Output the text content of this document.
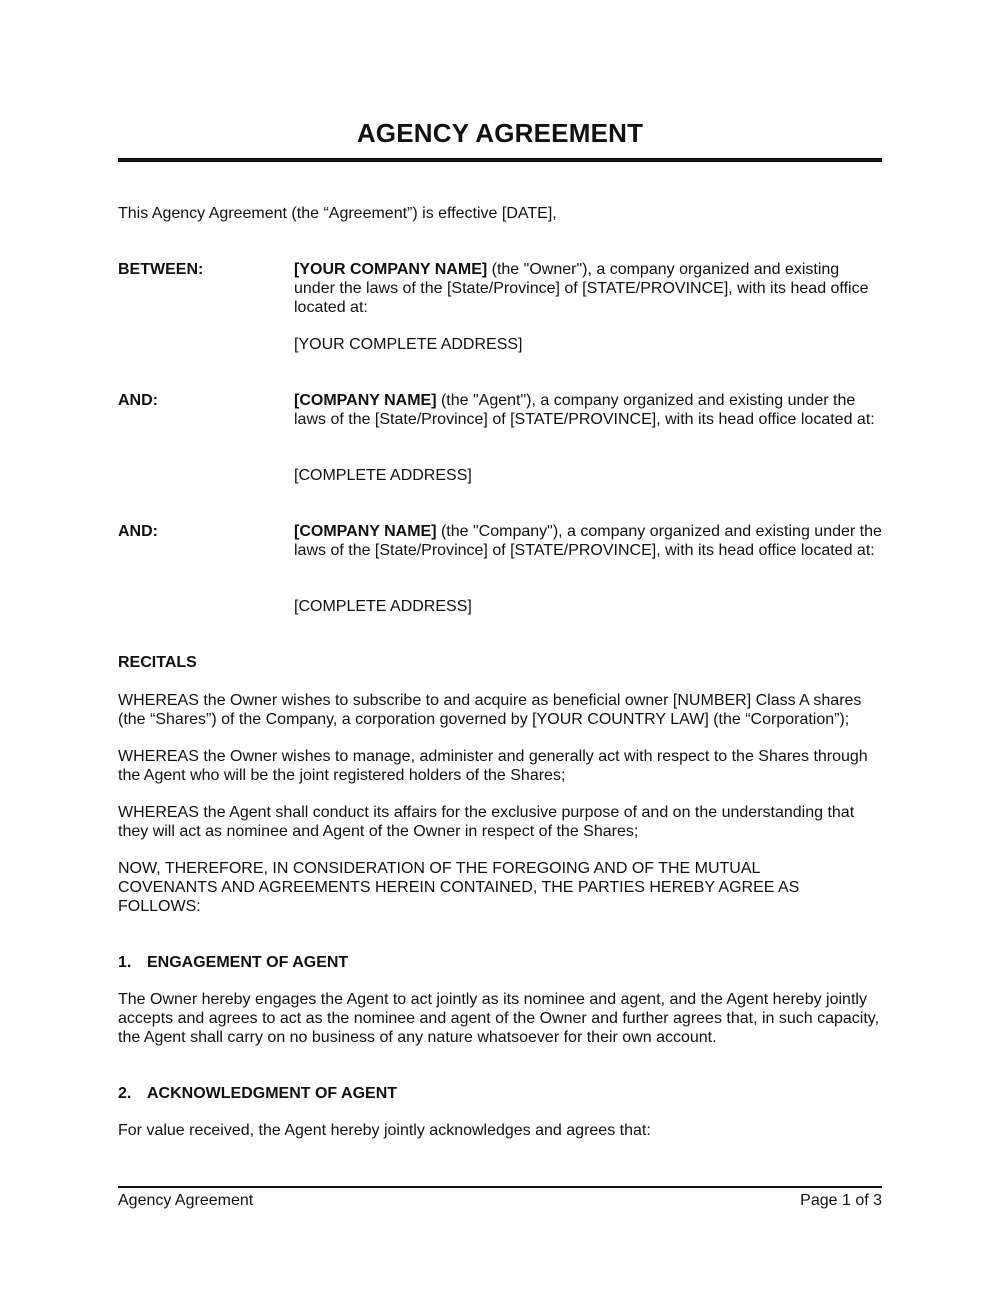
AGENCY AGREEMENT

This Agency Agreement (the “Agreement”) is effective [DATE],

BETWEEN:	[YOUR COMPANY NAME] (the "Owner"), a company organized and existing under the laws of the [State/Province] of [STATE/PROVINCE], with its head office located at:

[YOUR COMPLETE ADDRESS]
AND:	[COMPANY NAME] (the "Agent"), a company organized and existing under the laws of the [State/Province] of [STATE/PROVINCE], with its head office located at:

[COMPLETE ADDRESS]
AND:	[COMPANY NAME] (the "Company"), a company organized and existing under the laws of the [State/Province] of [STATE/PROVINCE], with its head office located at:

[COMPLETE ADDRESS]
RECITALS

WHEREAS the Owner wishes to subscribe to and acquire as beneficial owner [NUMBER] Class A shares (the “Shares”) of the Company, a corporation governed by [YOUR COUNTRY LAW] (the “Corporation”);

WHEREAS the Owner wishes to manage, administer and generally act with respect to the Shares through the Agent who will be the joint registered holders of the Shares;

WHEREAS the Agent shall conduct its affairs for the exclusive purpose of and on the understanding that they will act as nominee and Agent of the Owner in respect of the Shares;

NOW, THEREFORE, IN CONSIDERATION OF THE FOREGOING AND OF THE MUTUAL COVENANTS AND AGREEMENTS HEREIN CONTAINED, THE PARTIES HEREBY AGREE AS FOLLOWS:

1. ENGAGEMENT OF AGENT

The Owner hereby engages the Agent to act jointly as its nominee and agent, and the Agent hereby jointly accepts and agrees to act as the nominee and agent of the Owner and further agrees that, in such capacity, the Agent shall carry on no business of any nature whatsoever for their own account.

2. ACKNOWLEDGMENT OF AGENT

For value received, the Agent hereby jointly acknowledges and agrees that:

Agency Agreement	Page 1 of 3
